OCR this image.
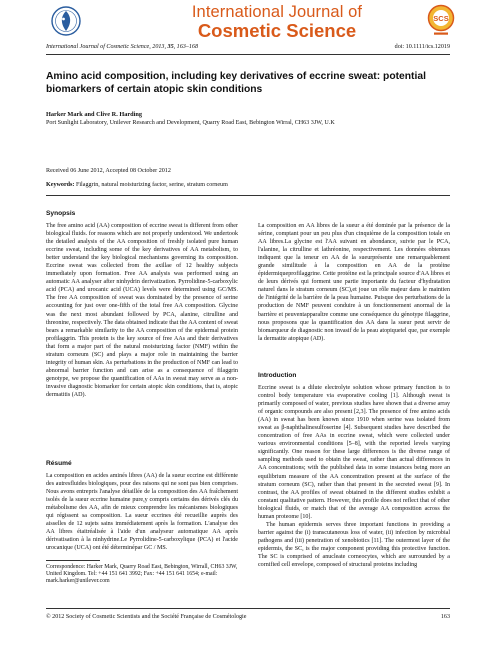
International Journal of
Cosmetic Science
SCS
International Journal of Cosmetic Science, 2013, 35, 163–168	doi: 10.1111/ics.12019
Amino acid composition, including key derivatives of eccrine sweat: potential biomarkers of certain atopic skin conditions
Harker Mark and Clive R. Harding
Port Sunlight Laboratory, Unilever Research and Development, Quarry Road East, Bebington Wirral, CH63 3JW, U.K
Received 06 June 2012, Accepted 08 October 2012
Keywords: Filaggrin, natural moisturizing factor, serine, stratum corneum
Synopsis

The free amino acid (AA) composition of eccrine sweat is different from other biological fluids. for reasons which are not properly understood. We undertook the detailed analysis of the AA composition of freshly isolated pure human eccrine sweat, including some of the key derivatives of AA metabolism, to better understand the key biological mechanisms governing its composition. Eccrine sweat was collected from the axillae of 12 healthy subjects immediately upon formation. Free AA analysis was performed using an automatic AA analyser after ninhydrin derivatization. Pyrrolidine-5-carboxylic acid (PCA) and urocanic acid (UCA) levels were determined using GC/MS. The free AA composition of sweat was dominated by the presence of serine accounting for just over one-fifth of the total free AA composition. Glycine was the next most abundant followed by PCA, alanine, citrulline and threonine, respectively. The data obtained indicate that the AA content of sweat bears a remarkable similarity to the AA composition of the epidermal protein profilaggrin. This protein is the key source of free AAs and their derivatives that form a major part of the natural moisturizing factor (NMF) within the stratum corneum (SC) and plays a major role in maintaining the barrier integrity of human skin. As perturbations in the production of NMF can lead to abnormal barrier function and can arise as a consequence of filaggrin genotype, we propose the quantification of AAs in sweat may serve as a non-invasive diagnostic biomarker for certain atopic skin conditions, that is, atopic dermatitis (AD).

Résumé

La composition en acides aminés libres (AA) de la sueur eccrine est différente des autresfluides biologiques, pour des raisons qui ne sont pas bien comprises. Nous avons entrepris l'analyse détaillée de la composition des AA fraîchement isolés de la sueur eccrine humaine pure,y compris certains des dérivés clés du métabolisme des AA, afin de mieux comprendre les mécanismes biologiques qui régissent sa composition. La sueur eccrines été recueillie auprès des aisselles de 12 sujets sains immédiatement après la formation. L'analyse des AA libres étaitréalisée à l'aide d'un analyseur automatique AA après dérivatisation à la ninhydrine.Le Pyrrolidine-5-carboxylique (PCA) et l'acide urocanique (UCA) ont été déterminépar GC / MS.

Correspondence: Harker Mark, Quarry Road East, Bebington, Wirrall, CH63 3JW, United Kingdom. Tel: +44 151 641 3992; Fax: +44 151 641 1654; e-mail: mark.harker@unilever.com

La composition en AA libres de la sueur a été dominée par la présence de la sérine, comptant pour un peu plus d'un cinquième de la composition totale en AA libres.La glycine est l'AA suivant en abondance, suivie par le PCA, l'alanine, la citrulline et lathréonine, respectivement. Les données obtenues indiquent que la teneur en AA de la sueurprésente une remarquablement grande similitude à la composition en AA de la protéine épidermiqueprofilaggrine. Cette protéine est la principale source d'AA libres et de leurs dérivés qui forment une partie importante du facteur d'hydratation naturel dans le stratum corneum (SC),et joue un rôle majeur dans le maintien de l'intégrité de la barrière de la peau humaine. Puisque des perturbations de la production de NMF peuvent conduire à un fonctionnement anormal de la barrière et peuventapparaître comme une conséquence du génotype filaggrine, nous proposons que la quantification des AA dans la sueur peut servir de biomarqueur de diagnostic non invasif de la peau atopiquetel que, par exemple la dermatite atopique (AD).

Introduction

Eccrine sweat is a dilute electrolyte solution whose primary function is to control body temperature via evaporative cooling [1]. Although sweat is primarily composed of water, previous studies have shown that a diverse array of organic compounds are also present [2,3]. The presence of free amino acids (AA) in sweat has been known since 1910 when serine was isolated from sweat as β-naphthalinesulfoserine [4]. Subsequent studies have described the concentration of free AAs in eccrine sweat, which were collected under various environmental conditions [5–8], with the reported levels varying significantly. One reason for these large differences is the diverse range of sampling methods used to obtain the sweat, rather than actual differences in AA concentrations; with the published data in some instances being more an equilibrium measure of the AA concentration present at the surface of the stratum corneum (SC), rather than that present in the secreted sweat [9]. In contrast, the AA profiles of sweat obtained in the different studies exhibit a constant qualitative pattern. However, this profile does not reflect that of other biological fluids, or match that of the average AA composition across the human proteome [10].

The human epidermis serves three important functions in providing a barrier against the (i) transcutaneous loss of water, (ii) infection by microbial pathogens and (iii) penetration of xenobiotics [11]. The outermost layer of the epidermis, the SC, is the major component providing this protective function. The SC is comprised of anucleate corneocytes, which are surrounded by a cornified cell envelope, composed of structural proteins including

© 2012 Society of Cosmetic Scientists and the Société Française de Cosmétologie	163
